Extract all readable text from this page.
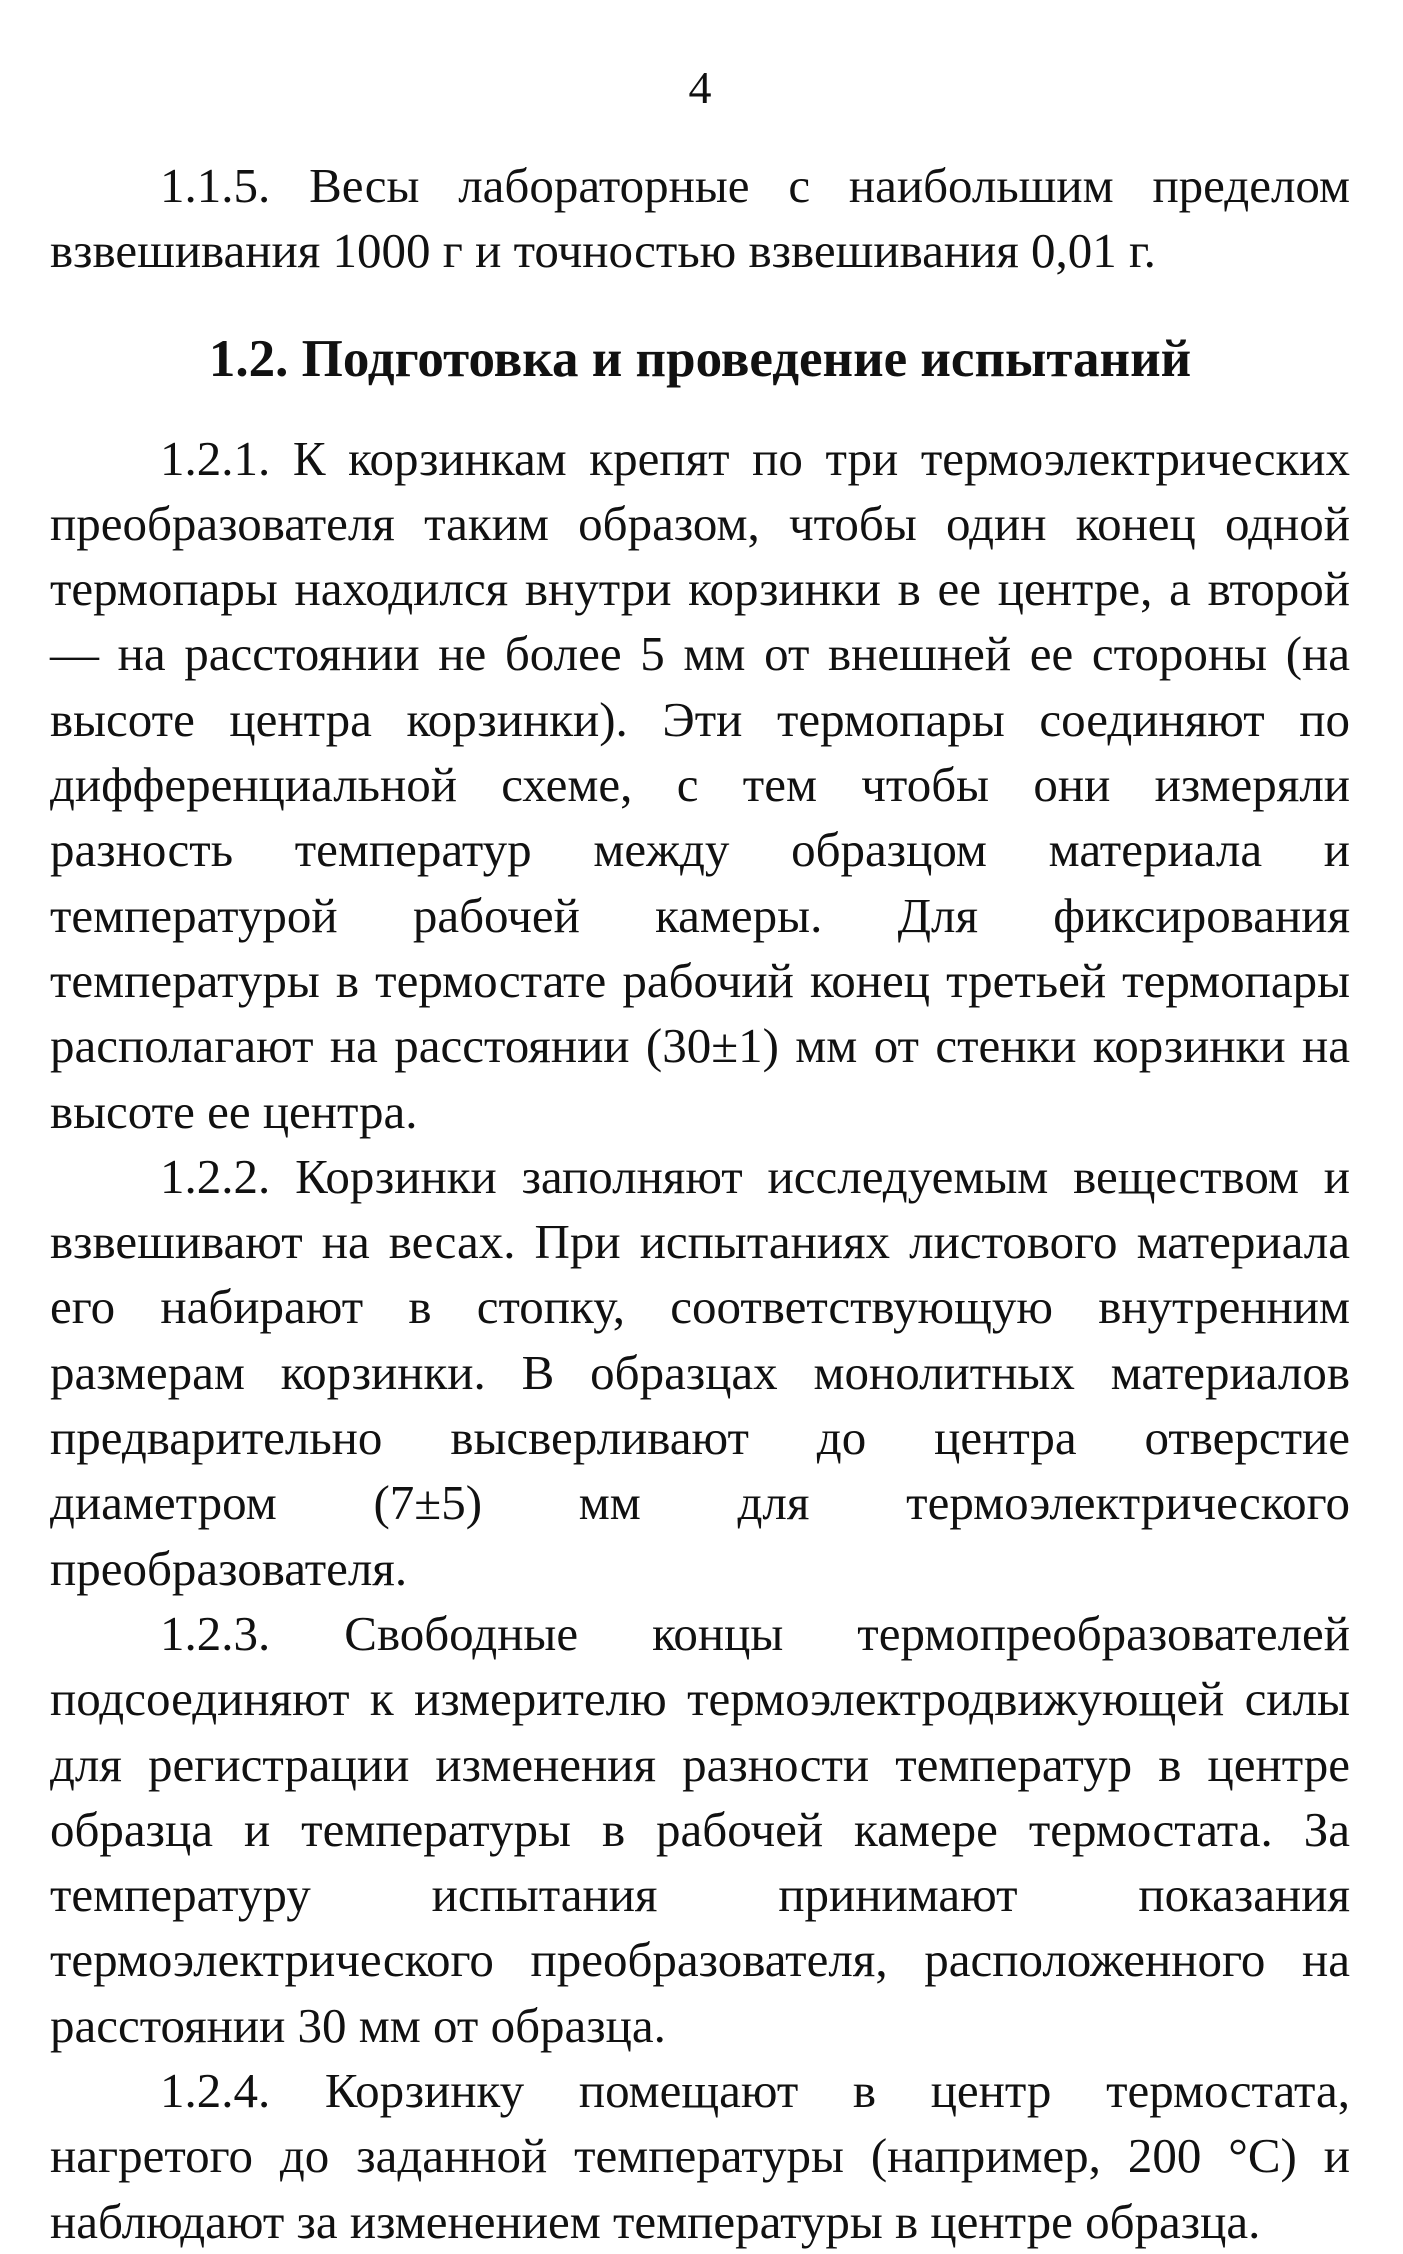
4

1.1.5. Весы лабораторные с наибольшим пределом взвешивания 1000 г и точностью взвешивания 0,01 г.

1.2. Подготовка и проведение испытаний

1.2.1. К корзинкам крепят по три термоэлектрических преобразователя таким образом, чтобы один конец одной термопары находился внутри корзинки в ее центре, а второй — на расстоянии не более 5 мм от внешней ее стороны (на высоте центра корзинки). Эти термопары соединяют по дифференциальной схеме, с тем чтобы они измеряли разность температур между образцом материала и температурой рабочей камеры. Для фиксирования температуры в термостате рабочий конец третьей термопары располагают на расстоянии (30±1) мм от стенки корзинки на высоте ее центра.

1.2.2. Корзинки заполняют исследуемым веществом и взвешивают на весах. При испытаниях листового материала его набирают в стопку, соответствующую внутренним размерам корзинки. В образцах монолитных материалов предварительно высверливают до центра отверстие диаметром (7±5) мм для термоэлектрического преобразователя.

1.2.3. Свободные концы термопреобразователей подсоединяют к измерителю термоэлектродвижующей силы для регистрации изменения разности температур в центре образца и температуры в рабочей камере термостата. За температуру испытания принимают показания термоэлектрического преобразователя, расположенного на расстоянии 30 мм от образца.

1.2.4. Корзинку помещают в центр термостата, нагретого до заданной температуры (например, 200 °С) и наблюдают за изменением температуры в центре образца.
